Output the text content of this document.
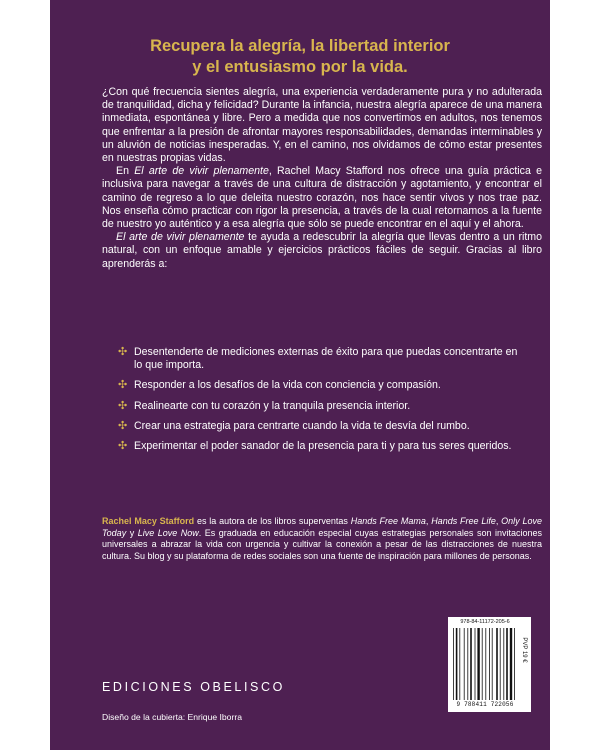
Recupera la alegría, la libertad interior
y el entusiasmo por la vida.

¿Con qué frecuencia sientes alegría, una experiencia verdaderamente pura y no adulterada de tranquilidad, dicha y felicidad? Durante la infancia, nuestra alegría aparece de una manera inmediata, espontánea y libre. Pero a medida que nos convertimos en adultos, nos tenemos que enfrentar a la presión de afrontar mayores responsabilidades, demandas interminables y un aluvión de noticias inesperadas. Y, en el camino, nos olvidamos de cómo estar presentes en nuestras propias vidas.

En El arte de vivir plenamente, Rachel Macy Stafford nos ofrece una guía práctica e inclusiva para navegar a través de una cultura de distracción y agotamiento, y encontrar el camino de regreso a lo que deleita nuestro corazón, nos hace sentir vivos y nos trae paz. Nos enseña cómo practicar con rigor la presencia, a través de la cual retornamos a la fuente de nuestro yo auténtico y a esa alegría que sólo se puede encontrar en el aquí y el ahora.

El arte de vivir plenamente te ayuda a redescubrir la alegría que llevas dentro a un ritmo natural, con un enfoque amable y ejercicios prácticos fáciles de seguir. Gracias al libro aprenderás a:

✣ Desentenderte de mediciones externas de éxito para que puedas concentrarte en lo que importa.
✣ Responder a los desafíos de la vida con conciencia y compasión.
✣ Realinearte con tu corazón y la tranquila presencia interior.
✣ Crear una estrategia para centrarte cuando la vida te desvía del rumbo.
✣ Experimentar el poder sanador de la presencia para ti y para tus seres queridos.
Rachel Macy Stafford es la autora de los libros superventas Hands Free Mama, Hands Free Life, Only Love Today y Live Love Now. Es graduada en educación especial cuyas estrategias personales son invitaciones universales a abrazar la vida con urgencia y cultivar la conexión a pesar de las distracciones de nuestra cultura. Su blog y su plataforma de redes sociales son una fuente de inspiración para millones de personas.
EDICIONES OBELISCO
Diseño de la cubierta: Enrique Iborra
978-84-11172-205-6
PVP 19 €
9 788411 722056
